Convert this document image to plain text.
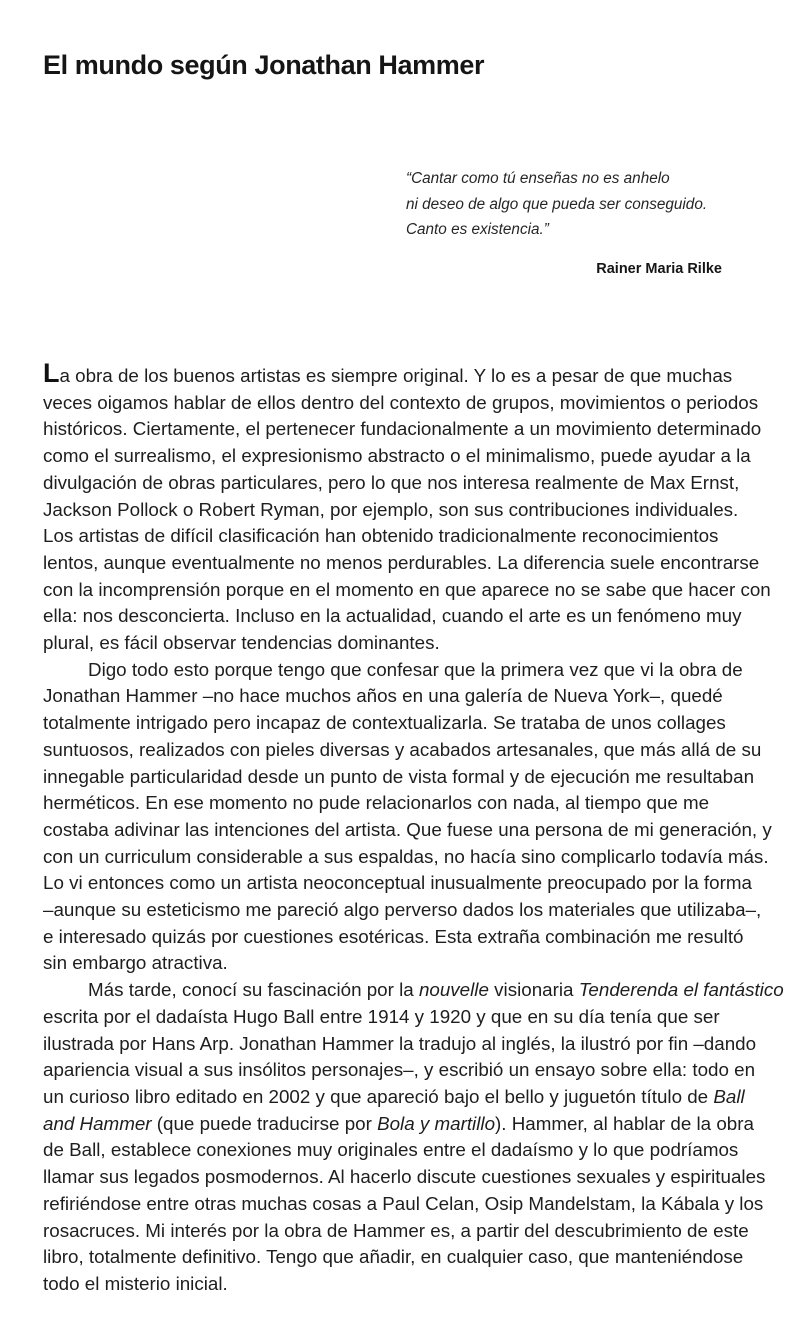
El mundo según Jonathan Hammer
“Cantar como tú enseñas no es anhelo
ni deseo de algo que pueda ser conseguido.
Canto es existencia.”
Rainer Maria Rilke

La obra de los buenos artistas es siempre original. Y lo es a pesar de que muchas
veces oigamos hablar de ellos dentro del contexto de grupos, movimientos o periodos
históricos. Ciertamente, el pertenecer fundacionalmente a un movimiento determinado
como el surrealismo, el expresionismo abstracto o el minimalismo, puede ayudar a la
divulgación de obras particulares, pero lo que nos interesa realmente de Max Ernst,
Jackson Pollock o Robert Ryman, por ejemplo, son sus contribuciones individuales.
Los artistas de difícil clasificación han obtenido tradicionalmente reconocimientos
lentos, aunque eventualmente no menos perdurables. La diferencia suele encontrarse
con la incomprensión porque en el momento en que aparece no se sabe que hacer con
ella: nos desconcierta. Incluso en la actualidad, cuando el arte es un fenómeno muy
plural, es fácil observar tendencias dominantes.

Digo todo esto porque tengo que confesar que la primera vez que vi la obra de
Jonathan Hammer –no hace muchos años en una galería de Nueva York–, quedé
totalmente intrigado pero incapaz de contextualizarla. Se trataba de unos collages
suntuosos, realizados con pieles diversas y acabados artesanales, que más allá de su
innegable particularidad desde un punto de vista formal y de ejecución me resultaban
herméticos. En ese momento no pude relacionarlos con nada, al tiempo que me
costaba adivinar las intenciones del artista. Que fuese una persona de mi generación, y
con un curriculum considerable a sus espaldas, no hacía sino complicarlo todavía más.
Lo vi entonces como un artista neoconceptual inusualmente preocupado por la forma
–aunque su esteticismo me pareció algo perverso dados los materiales que utilizaba–,
e interesado quizás por cuestiones esotéricas. Esta extraña combinación me resultó
sin embargo atractiva.

Más tarde, conocí su fascinación por la nouvelle visionaria Tenderenda el fantástico
escrita por el dadaísta Hugo Ball entre 1914 y 1920 y que en su día tenía que ser
ilustrada por Hans Arp. Jonathan Hammer la tradujo al inglés, la ilustró por fin –dando
apariencia visual a sus insólitos personajes–, y escribió un ensayo sobre ella: todo en
un curioso libro editado en 2002 y que apareció bajo el bello y juguetón título de Ball
and Hammer (que puede traducirse por Bola y martillo). Hammer, al hablar de la obra
de Ball, establece conexiones muy originales entre el dadaísmo y lo que podríamos
llamar sus legados posmodernos. Al hacerlo discute cuestiones sexuales y espirituales
refiriéndose entre otras muchas cosas a Paul Celan, Osip Mandelstam, la Kábala y los
rosacruces. Mi interés por la obra de Hammer es, a partir del descubrimiento de este
libro, totalmente definitivo. Tengo que añadir, en cualquier caso, que manteniéndose
todo el misterio inicial.
